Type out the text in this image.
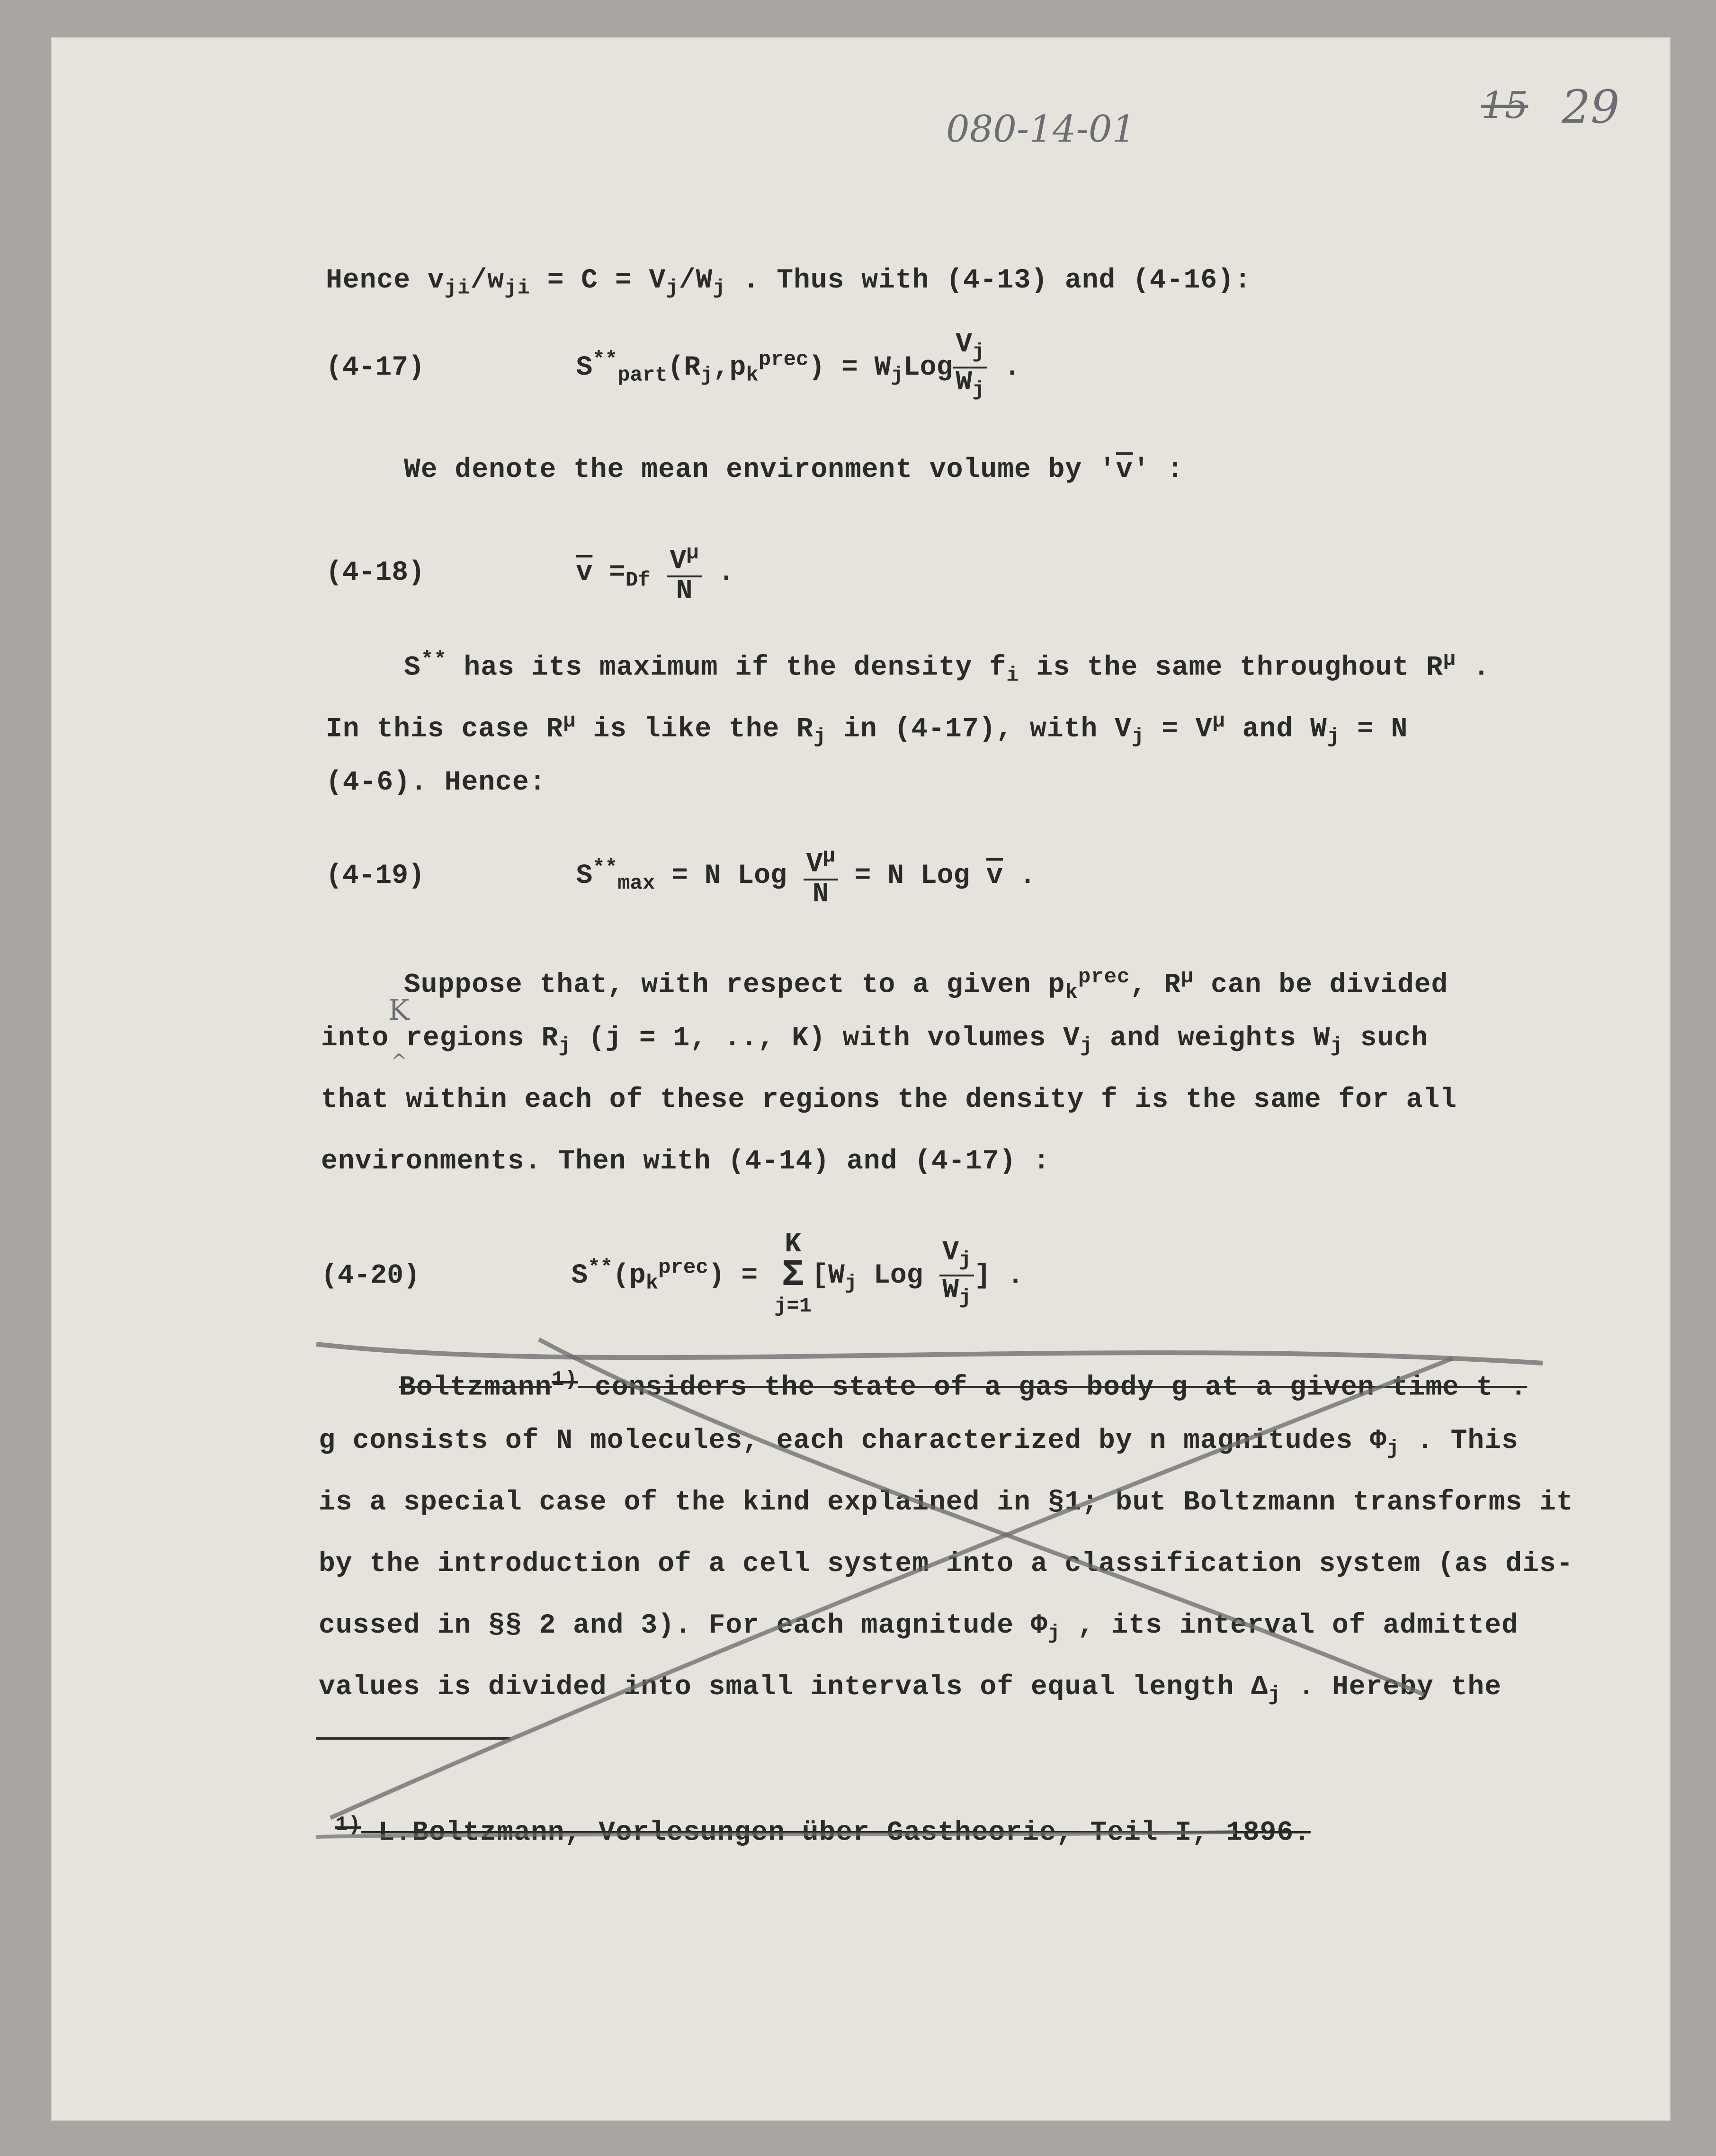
080-14-01
15 29
K
^
Hence $v_{ji}/w_{ji} = C = V_j/W_j$ . Thus with (4-13) and (4-16):
(4-17)	$S^{**}_{part}(R_j,p_k^{prec}) = W_jLog \frac{V_j}{W_j}$ .
We denote the mean environment volume by '$\overline{v}$' :
(4-18)	$\overline{v} =_{Df} \frac{V^\mu}{N}$ .
S** has its maximum if the density $f_i$ is the same throughout $R^\mu$ .
In this case $R^\mu$ is like the $R_j$ in (4-17), with $V_j = V^\mu$ and $W_j = N$
(4-6). Hence:
(4-19)	$S^{**}_{max} = N$ Log $\frac{V^\mu}{N} = N$ Log $\overline{v}$ .
Suppose that, with respect to a given $p_k^{prec}$, $R^\mu$ can be divided
into regions $R_j$ (j = 1, .., K) with volumes $V_j$ and weights $W_j$ such
that within each of these regions the density f is the same for all
environments. Then with (4-14) and (4-17) :
(4-20)	$S^{**}(p_k^{prec})$ =
K
Σ
j=1
[$W_j$ Log $\frac{V_j}{W_j}$ ] .
Boltzmann$^{1)}$ considers the state of a gas body g at a given time t .
g consists of N molecules, each characterized by n magnitudes $\Phi_j$ . This
is a special case of the kind explained in §1; but Boltzmann transforms it
by the introduction of a cell system into a classification system (as dis-
cussed in §§ 2 and 3). For each magnitude $\Phi_j$ , its interval of admitted
values is divided into small intervals of equal length $\Delta_j$ . Hereby the
$^{1)}$ L.Boltzmann, Vorlesungen über Gastheorie, Teil I, 1896.
